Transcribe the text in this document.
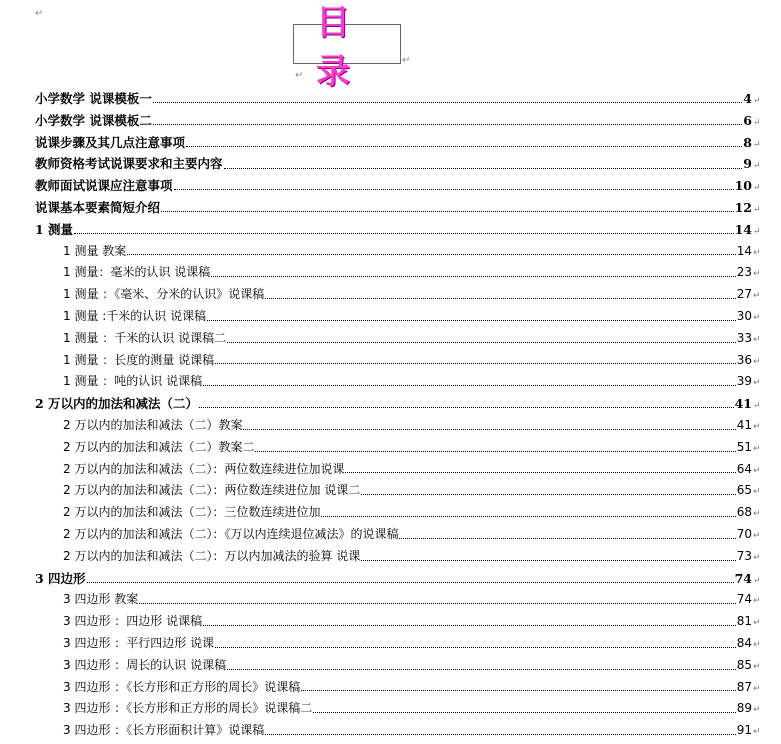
↵	目 录	↵
↵
小学数学 说课模板一	4 ↵
小学数学 说课模板二	6 ↵
说课步骤及其几点注意事项	8 ↵
教师资格考试说课要求和主要内容	9 ↵
教师面试说课应注意事项	10 ↵
说课基本要素简短介绍	12 ↵
1 测量	14 ↵
1 测量 教案	14 ↵
1 测量：毫米的认识 说课稿	23 ↵
1 测量 ：《毫米、分米的认识》说课稿	27 ↵
1 测量 :千米的认识 说课稿	30 ↵
1 测量 ：千米的认识 说课稿二	33 ↵
1 测量 ：长度的测量 说课稿	36 ↵
1 测量 ：吨的认识 说课稿	39 ↵
2 万以内的加法和减法（二）	41 ↵
2 万以内的加法和减法（二）教案	41 ↵
2 万以内的加法和减法（二）教案二	51 ↵
2 万以内的加法和减法（二）：两位数连续进位加说课	64 ↵
2 万以内的加法和减法（二）：两位数连续进位加 说课二	65 ↵
2 万以内的加法和减法（二）：三位数连续进位加	68 ↵
2 万以内的加法和减法（二）：《万以内连续退位减法》的说课稿	70 ↵
2 万以内的加法和减法（二）：万以内加减法的验算 说课	73 ↵
3 四边形	74 ↵
3 四边形 教案	74 ↵
3 四边形 ：四边形 说课稿	81 ↵
3 四边形 ：平行四边形 说课	84 ↵
3 四边形 ：周长的认识 说课稿	85 ↵
3 四边形 ：《长方形和正方形的周长》说课稿	87 ↵
3 四边形 ：《长方形和正方形的周长》说课稿二	89 ↵
3 四边形 ：《长方形面积计算》说课稿	91 ↵
